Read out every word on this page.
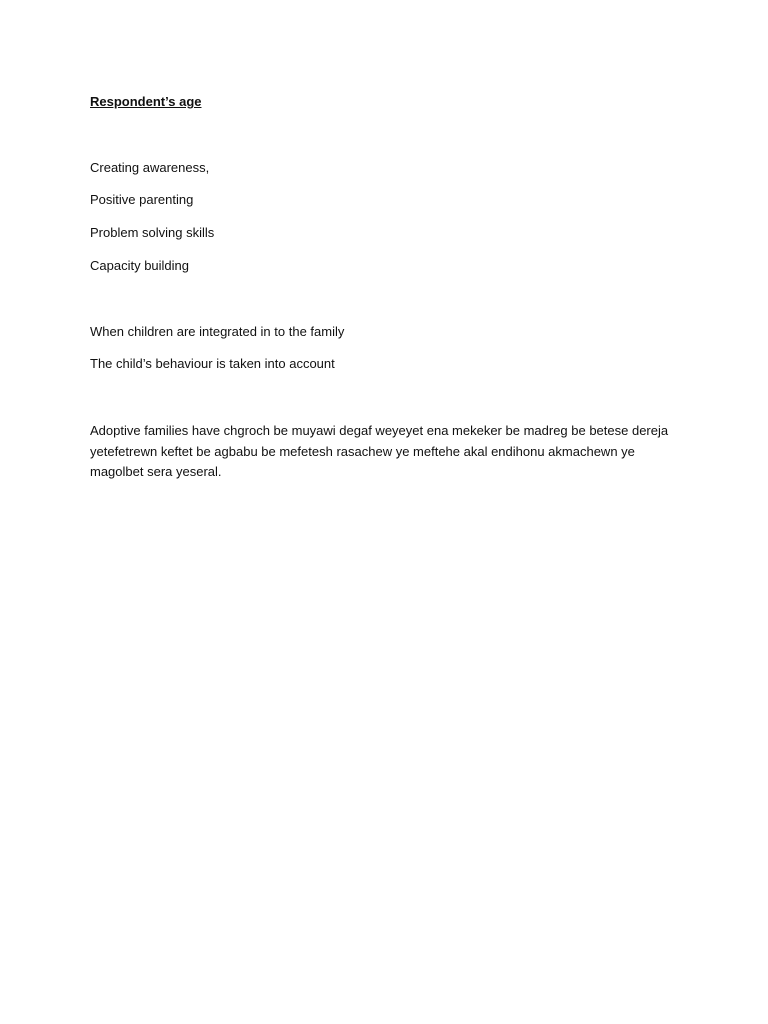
Respondent’s age

Creating awareness,

Positive parenting

Problem solving skills

Capacity building

When children are integrated in to the family

The child’s behaviour is taken into account

Adoptive families have chgroch be muyawi degaf weyeyet ena mekeker be madreg be betese dereja yetefetrewn keftet be agbabu be mefetesh rasachew ye meftehe akal endihonu akmachewn ye magolbet sera yeseral.
